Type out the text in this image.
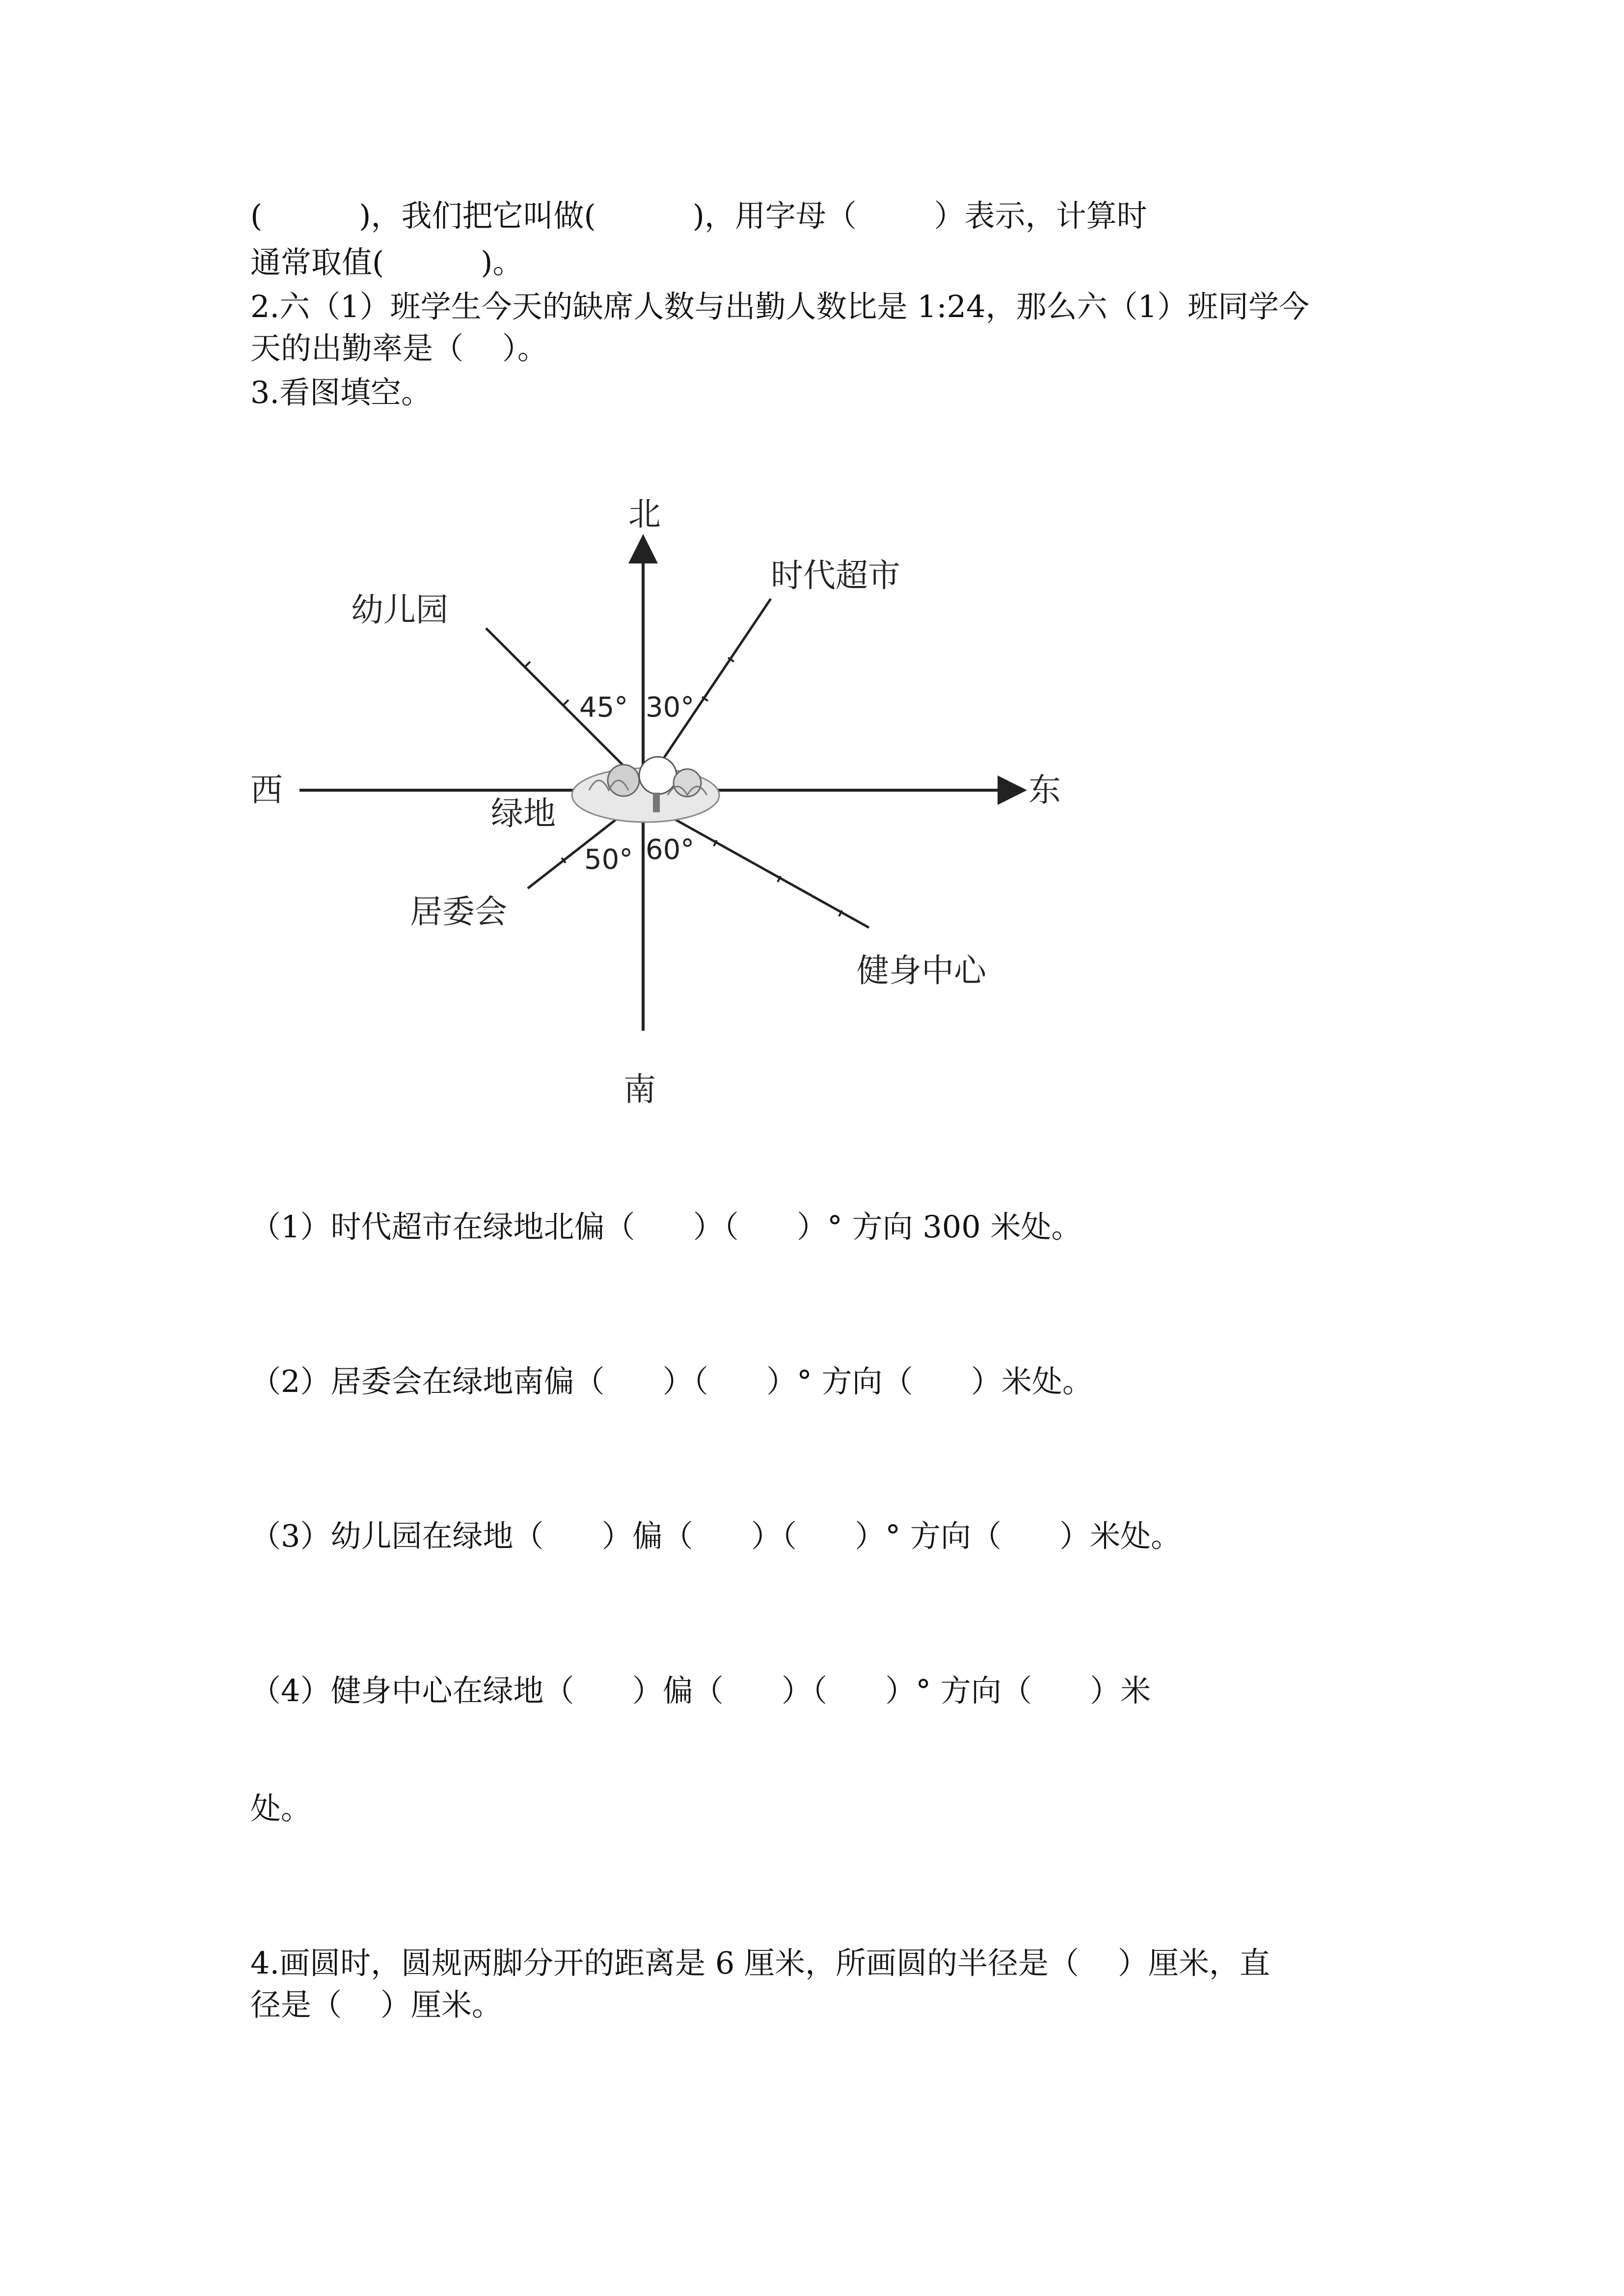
(          )，我们把它叫做(          )，用字母（        ）表示，计算时
通常取值(          )。
2.六（1）班学生今天的缺席人数与出勤人数比是 1:24，那么六（1）班同学今
天的出勤率是（    ）。
3.看图填空。
北
南
东
西
绿地
时代超市
幼儿园
居委会
健身中心
45° 30°
50° 60°
（1）时代超市在绿地北偏（      ）（      ）° 方向 300 米处。
（2）居委会在绿地南偏（      ）（      ）° 方向（      ）米处。
（3）幼儿园在绿地（      ）偏（      ）（      ）° 方向（      ）米处。
（4）健身中心在绿地（      ）偏（      ）（      ）° 方向（      ）米
处。
4.画圆时，圆规两脚分开的距离是 6 厘米，所画圆的半径是（    ）厘米，直
径是（    ）厘米。
